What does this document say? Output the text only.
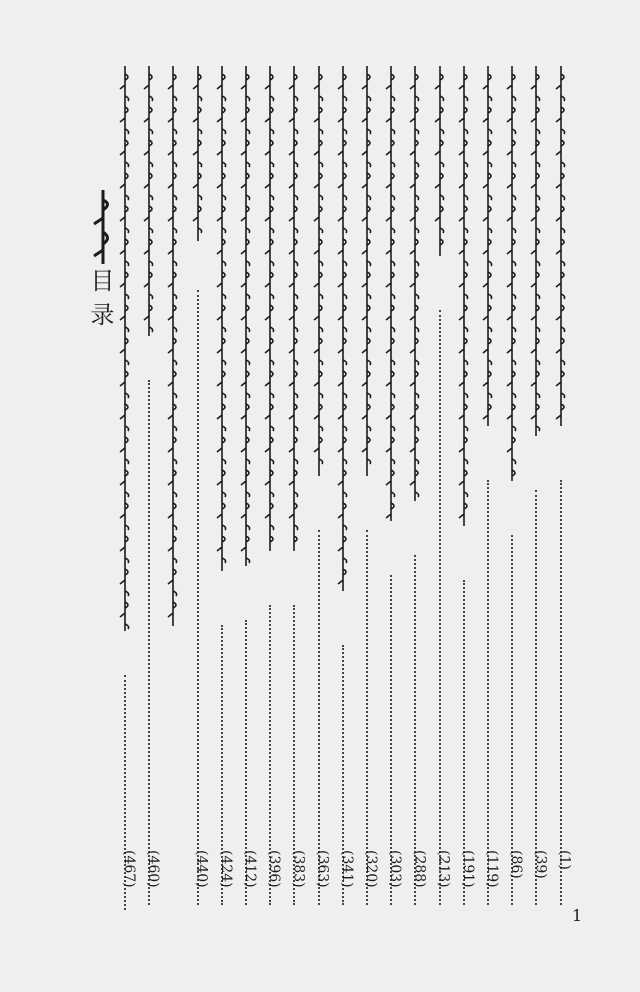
目录
(467) (460)	(440) (424) (412) (396) (383) (363) (341) (320) (303) (288) (213) (191) (119) (86) (39) (1)
1
